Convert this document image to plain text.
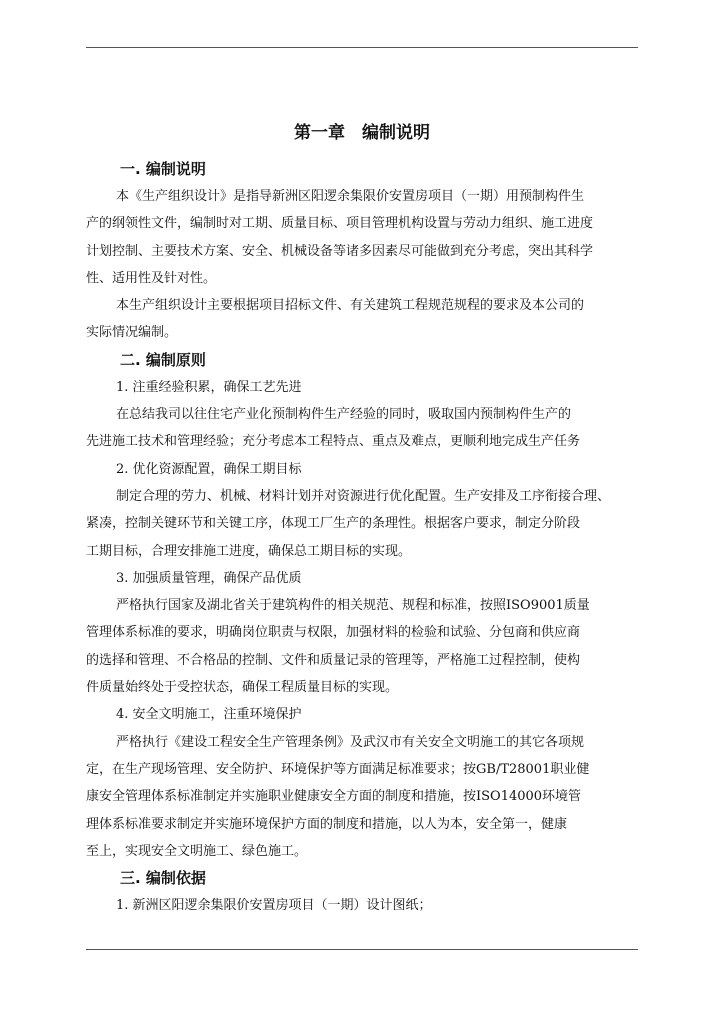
第一章　编制说明
一. 编制说明

本《生产组织设计》是指导新洲区阳逻余集限价安置房项目（一期）用预制构件生
产的纲领性文件，编制时对工期、质量目标、项目管理机构设置与劳动力组织、施工进度
计划控制、主要技术方案、安全、机械设备等诸多因素尽可能做到充分考虑，突出其科学
性、适用性及针对性。

本生产组织设计主要根据项目招标文件、有关建筑工程规范规程的要求及本公司的
实际情况编制。

二. 编制原则
1. 注重经验积累，确保工艺先进

在总结我司以往住宅产业化预制构件生产经验的同时，吸取国内预制构件生产的
先进施工技术和管理经验；充分考虑本工程特点、重点及难点，更顺利地完成生产任务

2. 优化资源配置，确保工期目标

制定合理的劳力、机械、材料计划并对资源进行优化配置。生产安排及工序衔接合理、
紧凑，控制关键环节和关键工序，体现工厂生产的条理性。根据客户要求，制定分阶段
工期目标，合理安排施工进度，确保总工期目标的实现。

3. 加强质量管理，确保产品优质

严格执行国家及湖北省关于建筑构件的相关规范、规程和标准，按照ISO9001质量
管理体系标准的要求，明确岗位职责与权限，加强材料的检验和试验、分包商和供应商
的选择和管理、不合格品的控制、文件和质量记录的管理等，严格施工过程控制，使构
件质量始终处于受控状态，确保工程质量目标的实现。

4. 安全文明施工，注重环境保护

严格执行《建设工程安全生产管理条例》及武汉市有关安全文明施工的其它各项规
定，在生产现场管理、安全防护、环境保护等方面满足标准要求；按GB/T28001职业健
康安全管理体系标准制定并实施职业健康安全方面的制度和措施，按ISO14000环境管
理体系标准要求制定并实施环境保护方面的制度和措施，以人为本，安全第一，健康
至上，实现安全文明施工、绿色施工。

三. 编制依据
1. 新洲区阳逻余集限价安置房项目（一期）设计图纸；
